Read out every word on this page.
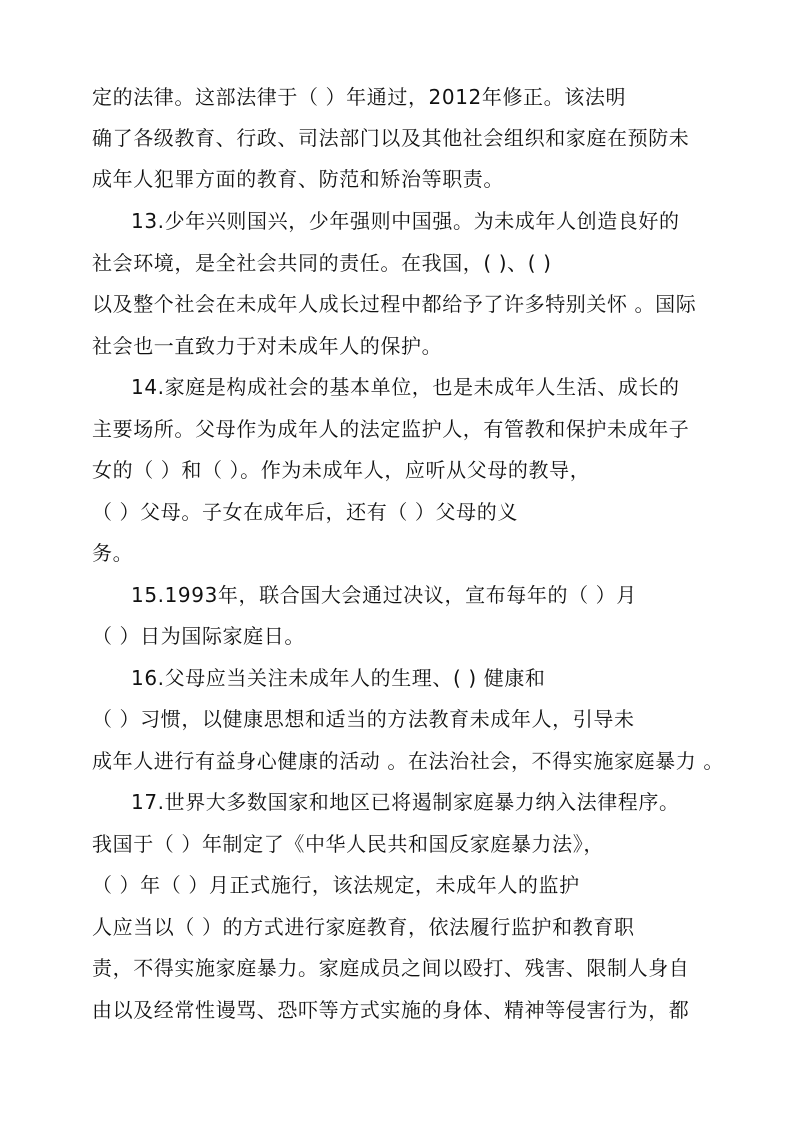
定的法律。这部法律于（ ）年通过，2012年修正。该法明
确了各级教育、行政、司法部门以及其他社会组织和家庭在预防未
成年人犯罪方面的教育、防范和矫治等职责。
13.少年兴则国兴，少年强则中国强。为未成年人创造良好的
社会环境，是全社会共同的责任。在我国，( )、( )
以及整个社会在未成年人成长过程中都给予了许多特别关怀 。国际
社会也一直致力于对未成年人的保护。
14.家庭是构成社会的基本单位，也是未成年人生活、成长的
主要场所。父母作为成年人的法定监护人，有管教和保护未成年子
女的（ ）和（ ）。作为未成年人，应听从父母的教导，
（ ）父母。子女在成年后，还有（ ）父母的义
务。
15.1993年，联合国大会通过决议，宣布每年的（ ）月
（ ）日为国际家庭日。
16.父母应当关注未成年人的生理、( ) 健康和
（ ）习惯，以健康思想和适当的方法教育未成年人，引导未
成年人进行有益身心健康的活动 。在法治社会，不得实施家庭暴力 。
17.世界大多数国家和地区已将遏制家庭暴力纳入法律程序。
我国于（ ）年制定了《中华人民共和国反家庭暴力法》，
（ ）年（ ）月正式施行，该法规定，未成年人的监护
人应当以（ ）的方式进行家庭教育，依法履行监护和教育职
责，不得实施家庭暴力。家庭成员之间以殴打、残害、限制人身自
由以及经常性谩骂、恐吓等方式实施的身体、精神等侵害行为，都
